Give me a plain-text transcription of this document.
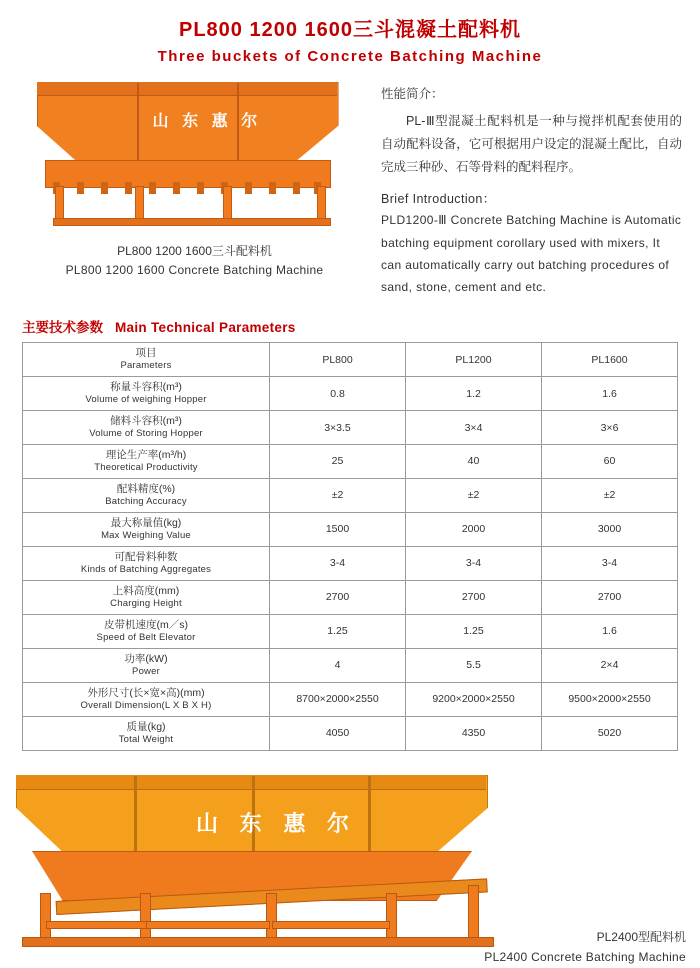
PL800 1200 1600三斗混凝土配料机
Three buckets of Concrete Batching Machine
山 东 惠 尔
PL800 1200 1600三斗配料机
PL800 1200 1600 Concrete Batching Machine
性能简介：

PL-Ⅲ型混凝土配料机是一种与搅拌机配套使用的自动配料设备，它可根据用户设定的混凝土配比，自动完成三种砂、石等骨料的配料程序。

Brief Introduction：

PLD1200-Ⅲ Concrete Batching Machine is Automatic batching equipment corollary used with mixers, It can automatically carry out batching procedures of sand, stone, cement and etc.

主要技术参数 Main Technical Parameters
项目
Parameters	PL800	PL1200	PL1600

称量斗容积(m³)
Volume of weighing Hopper	0.8	1.2	1.6

储料斗容积(m³)
Volume of Storing Hopper	3×3.5	3×4	3×6

理论生产率(m³/h)
Theoretical Productivity	25	40	60

配料精度(%)
Batching Accuracy	±2	±2	±2

最大称量值(kg)
Max Weighing Value	1500	2000	3000

可配骨料种数
Kinds of Batching Aggregates	3-4	3-4	3-4

上料高度(mm)
Charging Height	2700	2700	2700

皮带机速度(m／s)
Speed of Belt Elevator	1.25	1.25	1.6

功率(kW)
Power	4	5.5	2×4

外形尺寸(长×宽×高)(mm)
Overall Dimension(L X B X H)	8700×2000×2550	9200×2000×2550	9500×2000×2550

质量(kg)
Total Weight	4050	4350	5020
山 东 惠 尔
PL2400型配料机
PL2400 Concrete Batching Machine
